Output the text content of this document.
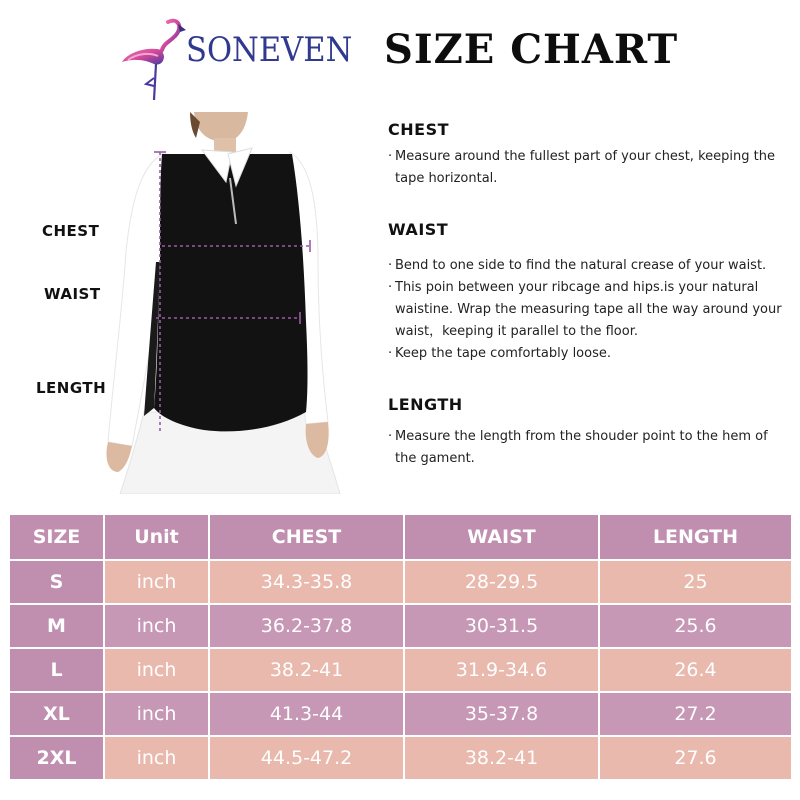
SONEVEN SIZE CHART
CHEST
WAIST
LENGTH
CHEST
· Measure around the fullest part of your chest, keeping the tape horizontal.
WAIST
· Bend to one side to find the natural crease of your waist.
· This poin between your ribcage and hips.is your natural waistine. Wrap the measuring tape all the way around your waist，keeping it parallel to the floor.
· Keep the tape comfortably loose.
LENGTH
· Measure the length from the shouder point to the hem of the gament.
SIZE	Unit	CHEST	WAIST	LENGTH
S	inch	34.3-35.8	28-29.5	25
M	inch	36.2-37.8	30-31.5	25.6
L	inch	38.2-41	31.9-34.6	26.4
XL	inch	41.3-44	35-37.8	27.2
2XL	inch	44.5-47.2	38.2-41	27.6
